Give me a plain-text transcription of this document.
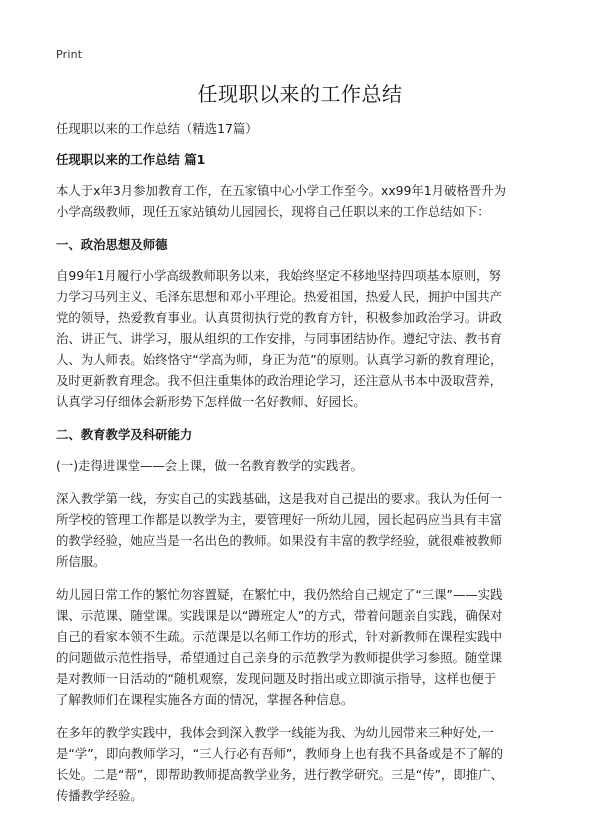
Print
任现职以来的工作总结
任现职以来的工作总结（精选17篇）
任现职以来的工作总结 篇1

本人于x年3月参加教育工作，在五家镇中心小学工作至今。xx99年1月破格晋升为
小学高级教师，现任五家站镇幼儿园园长，现将自己任职以来的工作总结如下：

一、政治思想及师德

自99年1月履行小学高级教师职务以来，我始终坚定不移地坚持四项基本原则，努
力学习马列主义、毛泽东思想和邓小平理论。热爱祖国，热爱人民，拥护中国共产
党的领导，热爱教育事业。认真贯彻执行党的教育方针，积极参加政治学习。讲政
治、讲正气、讲学习，服从组织的工作安排，与同事团结协作。遵纪守法、教书育
人、为人师表。始终恪守“学高为师，身正为范”的原则。认真学习新的教育理论，
及时更新教育理念。我不但注重集体的政治理论学习，还注意从书本中汲取营养，
认真学习仔细体会新形势下怎样做一名好教师、好园长。

二、教育教学及科研能力

(一)走得进课堂——会上课，做一名教育教学的实践者。

深入教学第一线，夯实自己的实践基础，这是我对自己提出的要求。我认为任何一
所学校的管理工作都是以教学为主，要管理好一所幼儿园，园长起码应当具有丰富
的教学经验，她应当是一名出色的教师。如果没有丰富的教学经验，就很难被教师
所信服。

幼儿园日常工作的繁忙勿容置疑，在繁忙中，我仍然给自己规定了“三课”——实践
课、示范课、随堂课。实践课是以“蹲班定人”的方式，带着问题亲自实践，确保对
自己的看家本领不生疏。示范课是以名师工作坊的形式，针对新教师在课程实践中
的问题做示范性指导，希望通过自己亲身的示范教学为教师提供学习参照。随堂课
是对教师一日活动的“随机观察，发现问题及时指出或立即演示指导，这样也便于
了解教师们在课程实施各方面的情况，掌握各种信息。

在多年的教学实践中，我体会到深入教学一线能为我、为幼儿园带来三种好处,一
是“学”，即向教师学习，“三人行必有吾师”，教师身上也有我不具备或是不了解的
长处。二是“帮”，即帮助教师提高教学业务，进行教学研究。三是“传”，即推广、
传播教学经验。
